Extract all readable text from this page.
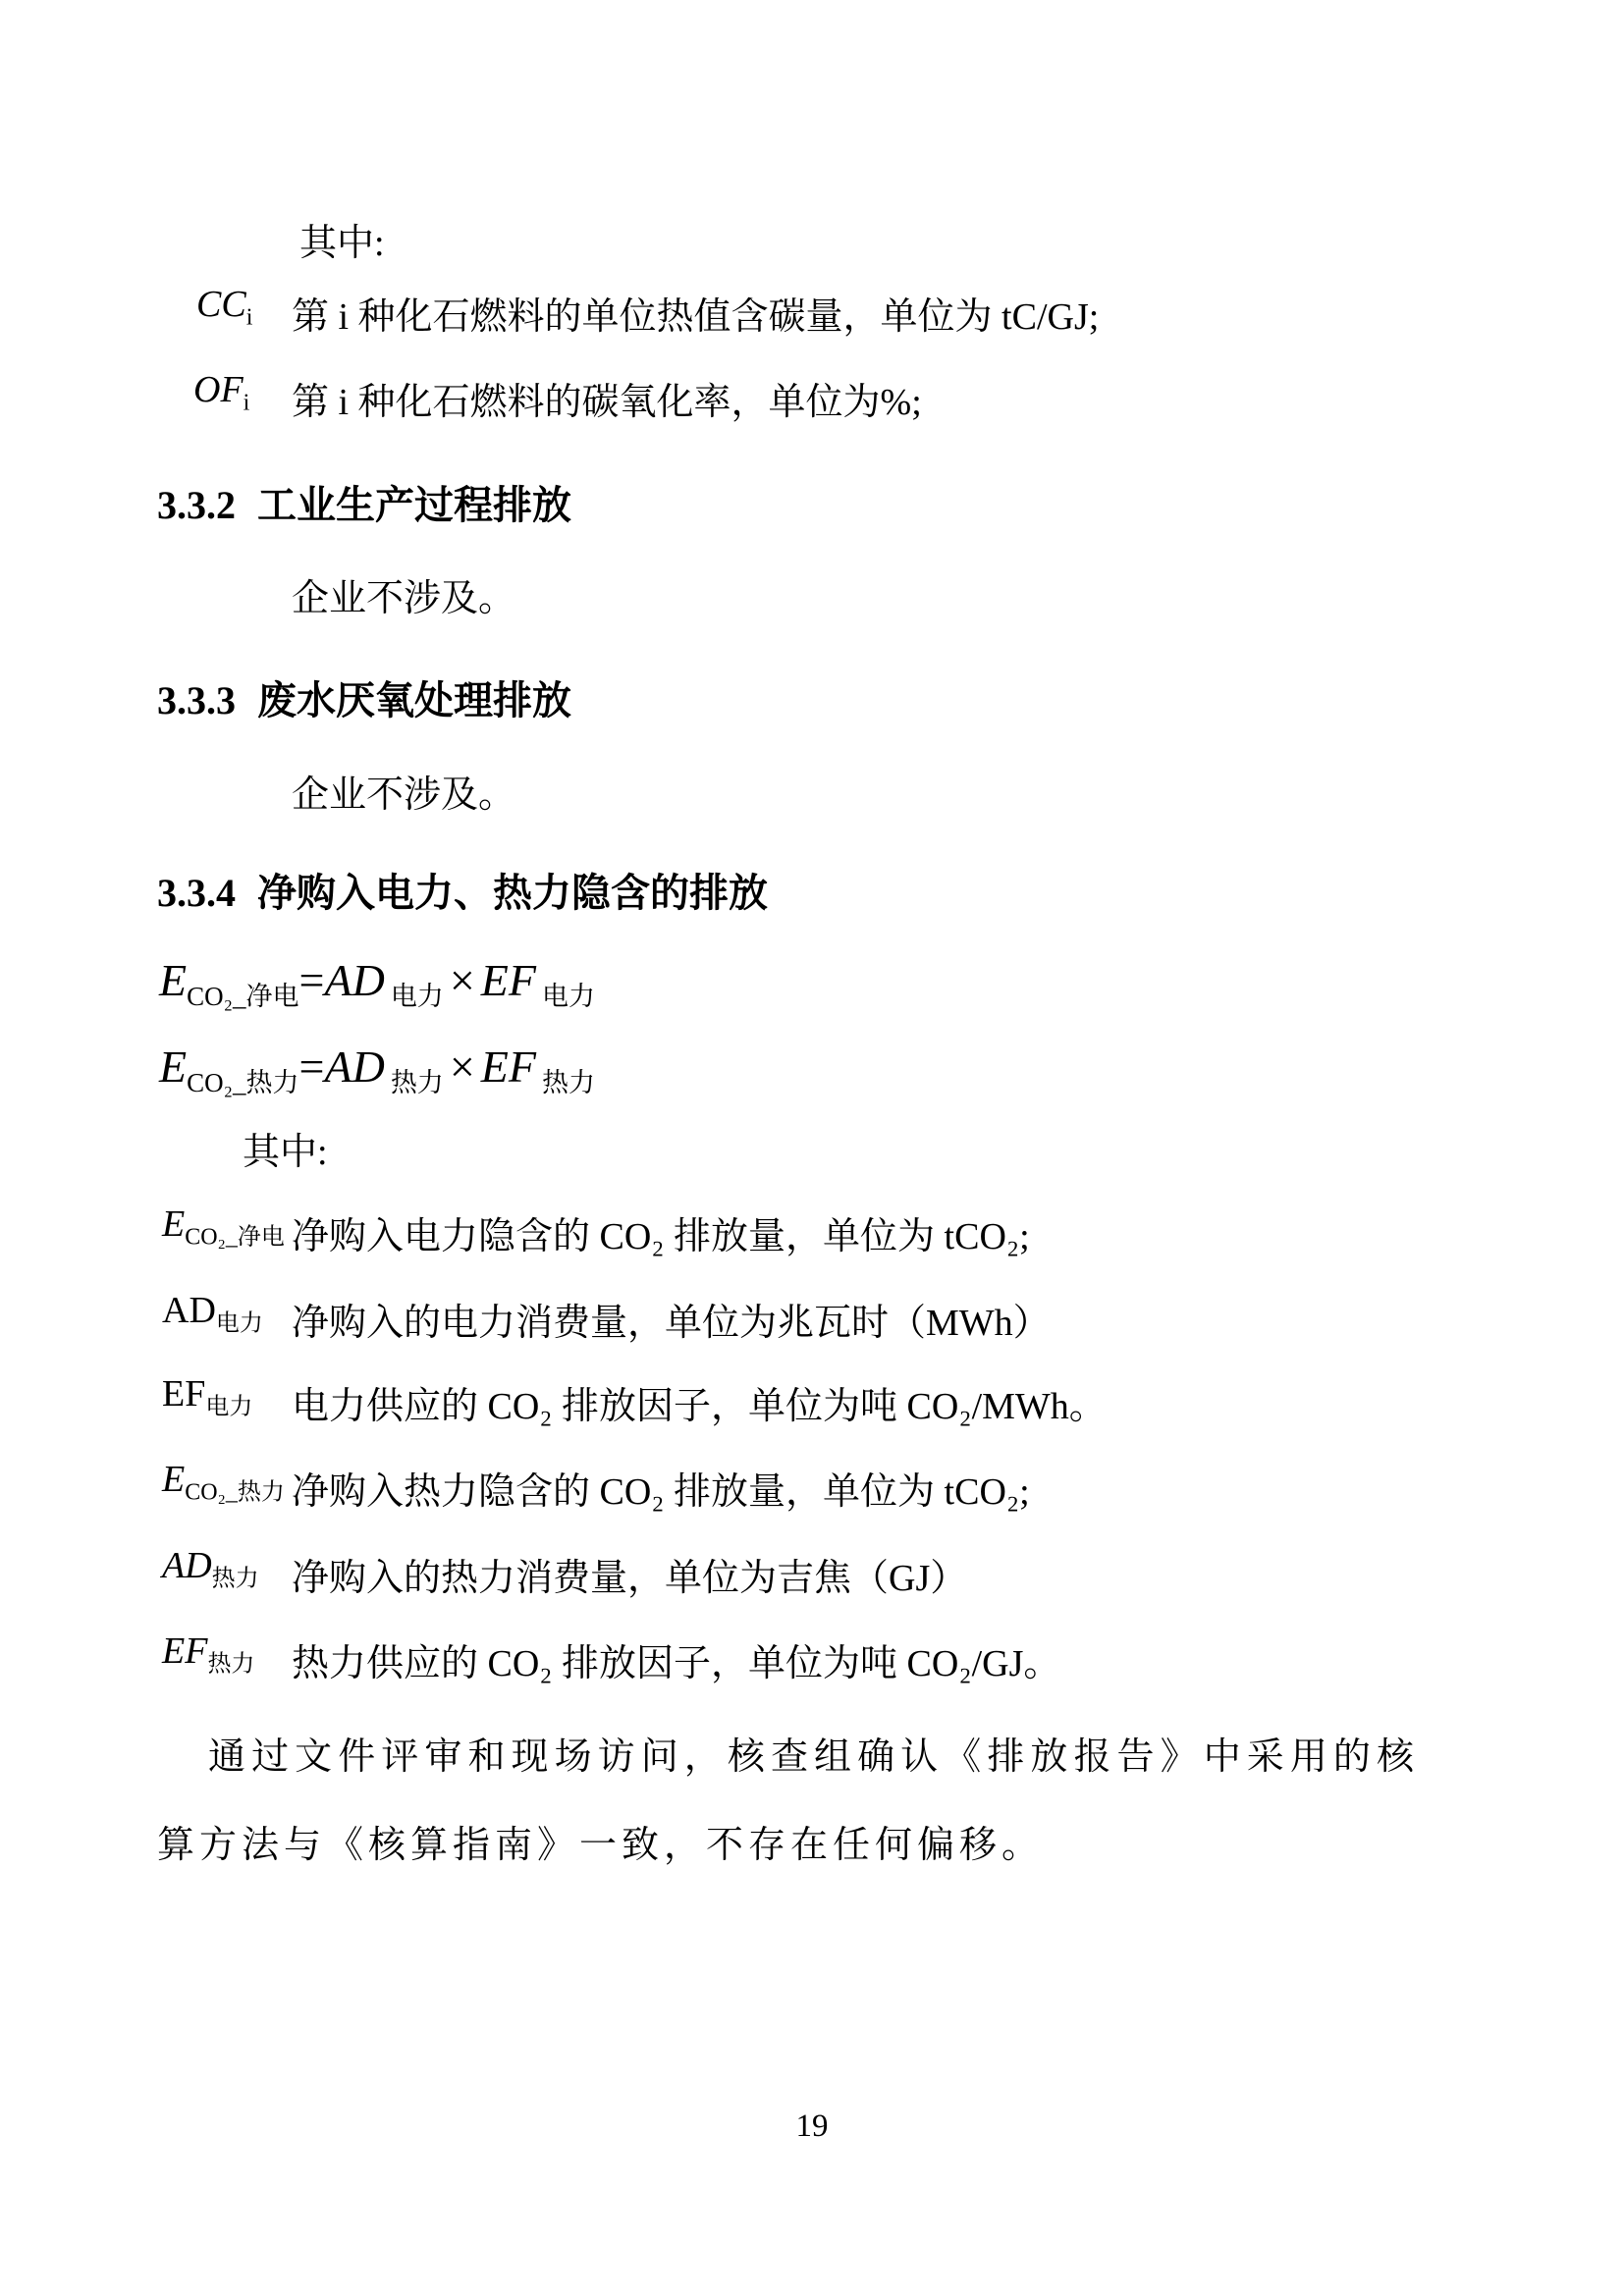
其中:
$CC_i$ 第 i 种化石燃料的单位热值含碳量，单位为 tC/GJ;
$OF_i$ 第 i 种化石燃料的碳氧化率，单位为%;
3.3.2 工业生产过程排放
企业不涉及。
3.3.3 废水厌氧处理排放
企业不涉及。
3.3.4 净购入电力、热力隐含的排放
$E_{CO_2\_净电}=AD$ $_{电力}$ × EF $_{电力}$
$E_{CO_2\_热力}=AD$ $_{热力}$ × EF $_{热力}$
其中:
$E_{CO_2\_净电}$ 净购入电力隐含的 CO₂ 排放量，单位为 tCO₂;
$AD_{电力}$ 净购入的电力消费量，单位为兆瓦时（MWh）
$EF_{电力}$ 电力供应的 CO₂ 排放因子，单位为吨 CO₂/MWh。
$E_{CO_2\_热力}$ 净购入热力隐含的 CO₂ 排放量，单位为 tCO₂;
$AD_{热力}$ 净购入的热力消费量，单位为吉焦（GJ）
$EF_{热力}$ 热力供应的 CO₂ 排放因子，单位为吨 CO₂/GJ。
通过文件评审和现场访问，核查组确认《排放报告》中采用的核算方法与《核算指南》一致，不存在任何偏移。
19
